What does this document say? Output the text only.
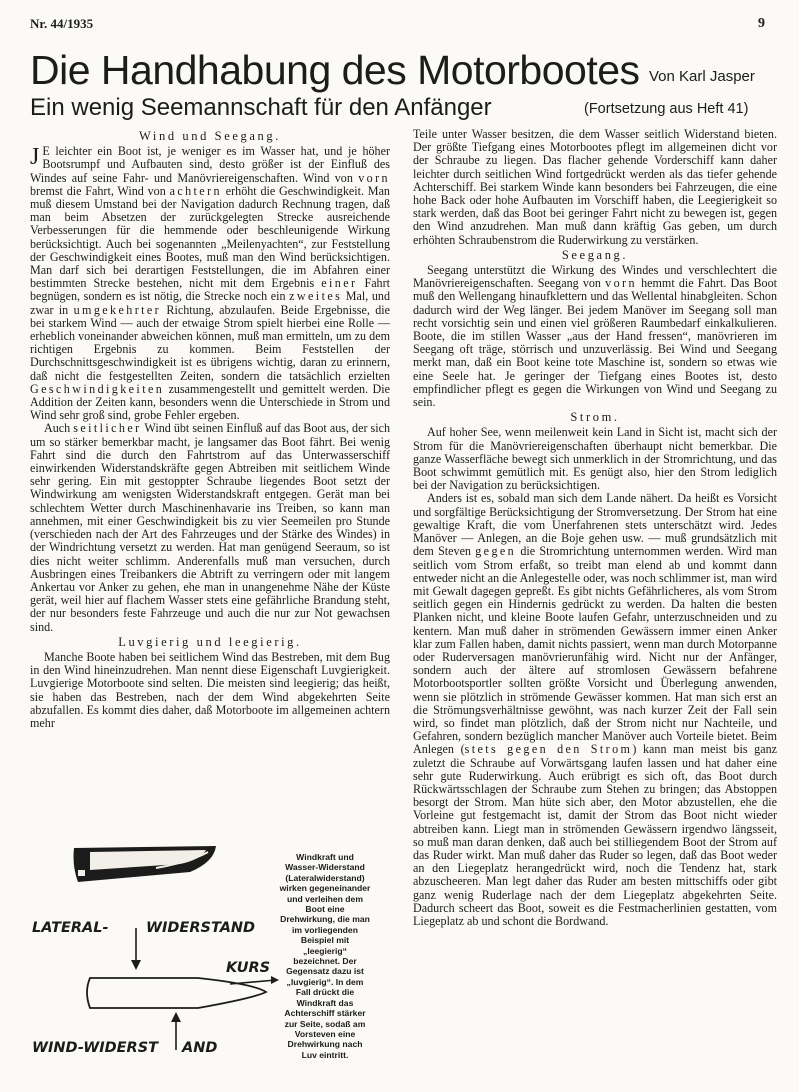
Nr. 44/1935	9
Die Handhabung des Motorbootes Von Karl Jasper
Ein wenig Seemannschaft für den Anfänger	(Fortsetzung aus Heft 41)
Wind und Seegang.

J E leichter ein Boot ist, je weniger es im Wasser hat, und je höher Bootsrumpf und Aufbauten sind, desto größer ist der Einfluß des Windes auf seine Fahr- und Manövriereigenschaften. Wind von vorn bremst die Fahrt, Wind von achtern erhöht die Geschwindigkeit. Man muß diesem Umstand bei der Navigation dadurch Rechnung tragen, daß man beim Absetzen der zurückgelegten Strecke ausreichende Verbesserungen für die hemmende oder beschleunigende Wirkung berücksichtigt. Auch bei sogenannten „Meilenyachten“, zur Feststellung der Geschwindigkeit eines Bootes, muß man den Wind berücksichtigen. Man darf sich bei derartigen Feststellungen, die im Abfahren einer bestimmten Strecke bestehen, nicht mit dem Ergebnis einer Fahrt begnügen, sondern es ist nötig, die Strecke noch ein zweites Mal, und zwar in umgekehrter Richtung, abzulaufen. Beide Ergebnisse, die bei starkem Wind — auch der etwaige Strom spielt hierbei eine Rolle — erheblich voneinander abweichen können, muß man ermitteln, um zu dem richtigen Ergebnis zu kommen. Beim Feststellen der Durchschnittsgeschwindigkeit ist es übrigens wichtig, daran zu erinnern, daß nicht die festgestellten Zeiten, sondern die tatsächlich erzielten Geschwindigkeiten zusammengestellt und gemittelt werden. Die Addition der Zeiten kann, besonders wenn die Unterschiede in Strom und Wind sehr groß sind, grobe Fehler ergeben.

Auch seitlicher Wind übt seinen Einfluß auf das Boot aus, der sich um so stärker bemerkbar macht, je langsamer das Boot fährt. Bei wenig Fahrt sind die durch den Fahrtstrom auf das Unterwasserschiff einwirkenden Widerstandskräfte gegen Abtreiben mit seitlichem Winde sehr gering. Ein mit gestoppter Schraube liegendes Boot setzt der Windwirkung am wenigsten Widerstandskraft entgegen. Gerät man bei schlechtem Wetter durch Maschinenhavarie ins Treiben, so kann man annehmen, mit einer Geschwindigkeit bis zu vier Seemeilen pro Stunde (verschieden nach der Art des Fahrzeuges und der Stärke des Windes) in der Windrichtung versetzt zu werden. Hat man genügend Seeraum, so ist dies nicht weiter schlimm. Anderenfalls muß man versuchen, durch Ausbringen eines Treibankers die Abtrift zu verringern oder mit langem Ankertau vor Anker zu gehen, ehe man in unangenehme Nähe der Küste gerät, weil hier auf flachem Wasser stets eine gefährliche Brandung steht, der nur besonders feste Fahrzeuge und auch die nur zur Not gewachsen sind.

Luvgierig und leegierig.

Manche Boote haben bei seitlichem Wind das Bestreben, mit dem Bug in den Wind hineinzudrehen. Man nennt diese Eigenschaft Luvgierigkeit. Luvgierige Motorboote sind selten. Die meisten sind leegierig; das heißt, sie haben das Bestreben, nach der dem Wind abgekehrten Seite abzufallen. Es kommt dies daher, daß Motorboote im allgemeinen achtern mehr

Teile unter Wasser besitzen, die dem Wasser seitlich Widerstand bieten. Der größte Tiefgang eines Motorbootes pflegt im allgemeinen dicht vor der Schraube zu liegen. Das flacher gehende Vorderschiff kann daher leichter durch seitlichen Wind fortgedrückt werden als das tiefer gehende Achterschiff. Bei starkem Winde kann besonders bei Fahrzeugen, die eine hohe Back oder hohe Aufbauten im Vorschiff haben, die Leegierigkeit so stark werden, daß das Boot bei geringer Fahrt nicht zu bewegen ist, gegen den Wind anzudrehen. Man muß dann kräftig Gas geben, um durch erhöhten Schraubenstrom die Ruderwirkung zu verstärken.

Seegang.

Seegang unterstützt die Wirkung des Windes und verschlechtert die Manövriereigenschaften. Seegang von vorn hemmt die Fahrt. Das Boot muß den Wellengang hinaufklettern und das Wellental hinabgleiten. Schon dadurch wird der Weg länger. Bei jedem Manöver im Seegang soll man recht vorsichtig sein und einen viel größeren Raumbedarf einkalkulieren. Boote, die im stillen Wasser „aus der Hand fressen“, manövrieren im Seegang oft träge, störrisch und unzuverlässig. Bei Wind und Seegang merkt man, daß ein Boot keine tote Maschine ist, sondern so etwas wie eine Seele hat. Je geringer der Tiefgang eines Bootes ist, desto empfindlicher pflegt es gegen die Wirkungen von Wind und Seegang zu sein.

Strom.

Auf hoher See, wenn meilenweit kein Land in Sicht ist, macht sich der Strom für die Manövriereigenschaften überhaupt nicht bemerkbar. Die ganze Wasserfläche bewegt sich unmerklich in der Stromrichtung, und das Boot schwimmt gemütlich mit. Es genügt also, hier den Strom lediglich bei der Navigation zu berücksichtigen.

Anders ist es, sobald man sich dem Lande nähert. Da heißt es Vorsicht und sorgfältige Berücksichtigung der Stromversetzung. Der Strom hat eine gewaltige Kraft, die vom Unerfahrenen stets unterschätzt wird. Jedes Manöver — Anlegen, an die Boje gehen usw. — muß grundsätzlich mit dem Steven gegen die Stromrichtung unternommen werden. Wird man seitlich vom Strom erfaßt, so treibt man elend ab und kommt dann entweder nicht an die Anlegestelle oder, was noch schlimmer ist, man wird mit Gewalt dagegen gepreßt. Es gibt nichts Gefährlicheres, als vom Strom seitlich gegen ein Hindernis gedrückt zu werden. Da halten die besten Planken nicht, und kleine Boote laufen Gefahr, unterzuschneiden und zu kentern. Man muß daher in strömenden Gewässern immer einen Anker klar zum Fallen haben, damit nichts passiert, wenn man durch Motorpanne oder Ruderversagen manövrierunfähig wird. Nicht nur der Anfänger, sondern auch der ältere auf stromlosen Gewässern befahrene Motorbootsportler sollten größte Vorsicht und Überlegung anwenden, wenn sie plötzlich in strömende Gewässer kommen. Hat man sich erst an die Strömungsverhältnisse gewöhnt, was nach kurzer Zeit der Fall sein wird, so findet man plötzlich, daß der Strom nicht nur Nachteile, und Gefahren, sondern bezüglich mancher Manöver auch Vorteile bietet. Beim Anlegen (stets gegen den Strom) kann man meist bis ganz zuletzt die Schraube auf Vorwärtsgang laufen lassen und hat daher eine sehr gute Ruderwirkung. Auch erübrigt es sich oft, das Boot durch Rückwärtsschlagen der Schraube zum Stehen zu bringen; das Abstoppen besorgt der Strom. Man hüte sich aber, den Motor abzustellen, ehe die Vorleine gut festgemacht ist, damit der Strom das Boot nicht wieder abtreiben kann. Liegt man in strömenden Gewässern irgendwo längsseit, so muß man daran denken, daß auch bei stilliegendem Boot der Strom auf das Ruder wirkt. Man muß daher das Ruder so legen, daß das Boot weder an den Liegeplatz herangedrückt wird, noch die Tendenz hat, stark abzuscheeren. Man legt daher das Ruder am besten mittschiffs oder gibt ganz wenig Ruderlage nach der dem Liegeplatz abgekehrten Seite. Dadurch scheert das Boot, soweit es die Festmacherlinien gestatten, vom Liegeplatz ab und schont die Bordwand.

LATERAL-	WIDERSTAND
KURS
WIND-WIDERST AND
Windkraft und Wasser-Widerstand (Lateralwiderstand) wirken gegeneinander und verleihen dem Boot eine Drehwirkung, die man im vorliegenden Beispiel mit „leegierig“ bezeichnet. Der Gegensatz dazu ist „luvgierig“. In dem Fall drückt die Windkraft das Achterschiff stärker zur Seite, sodaß am Vorsteven eine Drehwirkung nach Luv eintritt.
